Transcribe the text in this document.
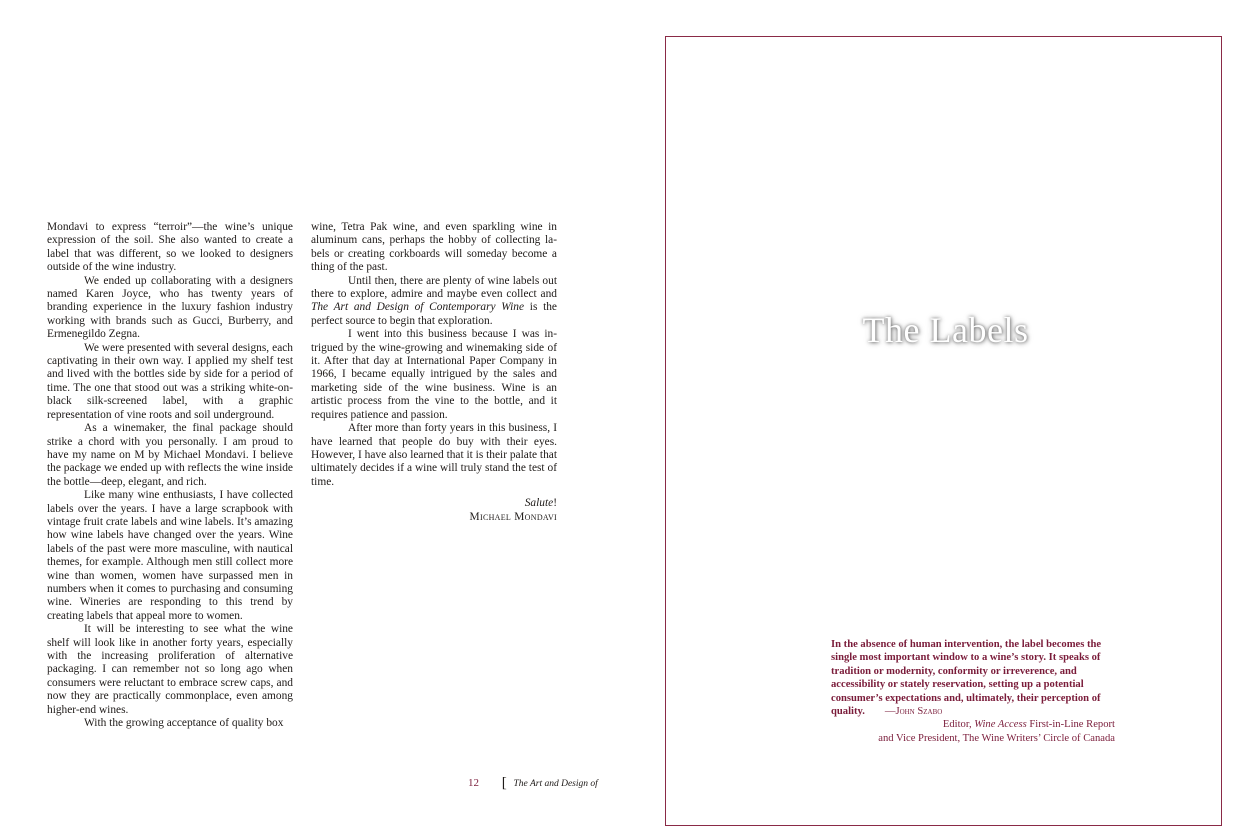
Mondavi to express “terroir”—the wine’s unique expression of the soil. She also wanted to create a label that was different, so we looked to designers outside of the wine industry.

We ended up collaborating with a designers named Karen Joyce, who has twenty years of branding experience in the luxury fashion industry working with brands such as Gucci, Burberry, and Ermenegildo Zegna.

We were presented with several designs, each captivating in their own way. I applied my shelf test and lived with the bottles side by side for a period of time. The one that stood out was a striking white-on-black silk-screened label, with a graphic representation of vine roots and soil underground.

As a winemaker, the final package should strike a chord with you personally. I am proud to have my name on M by Michael Mondavi. I believe the package we ended up with reflects the wine inside the bottle—deep, elegant, and rich.

Like many wine enthusiasts, I have collected labels over the years. I have a large scrapbook with vintage fruit crate labels and wine labels. It’s amazing how wine labels have changed over the years. Wine labels of the past were more masculine, with nautical themes, for example. Although men still collect more wine than women, women have surpassed men in numbers when it comes to purchasing and consuming wine. Wineries are responding to this trend by creating labels that appeal more to women.

It will be interesting to see what the wine shelf will look like in another forty years, especially with the increasing proliferation of alternative packaging. I can remember not so long ago when consumers were reluctant to embrace screw caps, and now they are practically commonplace, even among higher-end wines.

With the growing acceptance of quality box

wine, Tetra Pak wine, and even sparkling wine in aluminum cans, perhaps the hobby of collecting labels or creating corkboards will someday become a thing of the past.

Until then, there are plenty of wine labels out there to explore, admire and maybe even collect and The Art and Design of Contemporary Wine is the perfect source to begin that exploration.

I went into this business because I was intrigued by the wine-growing and winemaking side of it. After that day at International Paper Company in 1966, I became equally intrigued by the sales and marketing side of the wine business. Wine is an artistic process from the vine to the bottle, and it requires patience and passion.

After more than forty years in this business, I have learned that people do buy with their eyes. However, I have also learned that it is their palate that ultimately decides if a wine will truly stand the test of time.

Salute!
Michael Mondavi
12 [ The Art and Design of
The Labels

In the absence of human intervention, the label becomes the single most important window to a wine’s story. It speaks of tradition or modernity, conformity or irreverence, and accessibility or stately reservation, setting up a potential consumer’s expectations and, ultimately, their perception of quality. —John Szabo

Editor, Wine Access First-in-Line Report
and Vice President, The Wine Writers’ Circle of Canada
